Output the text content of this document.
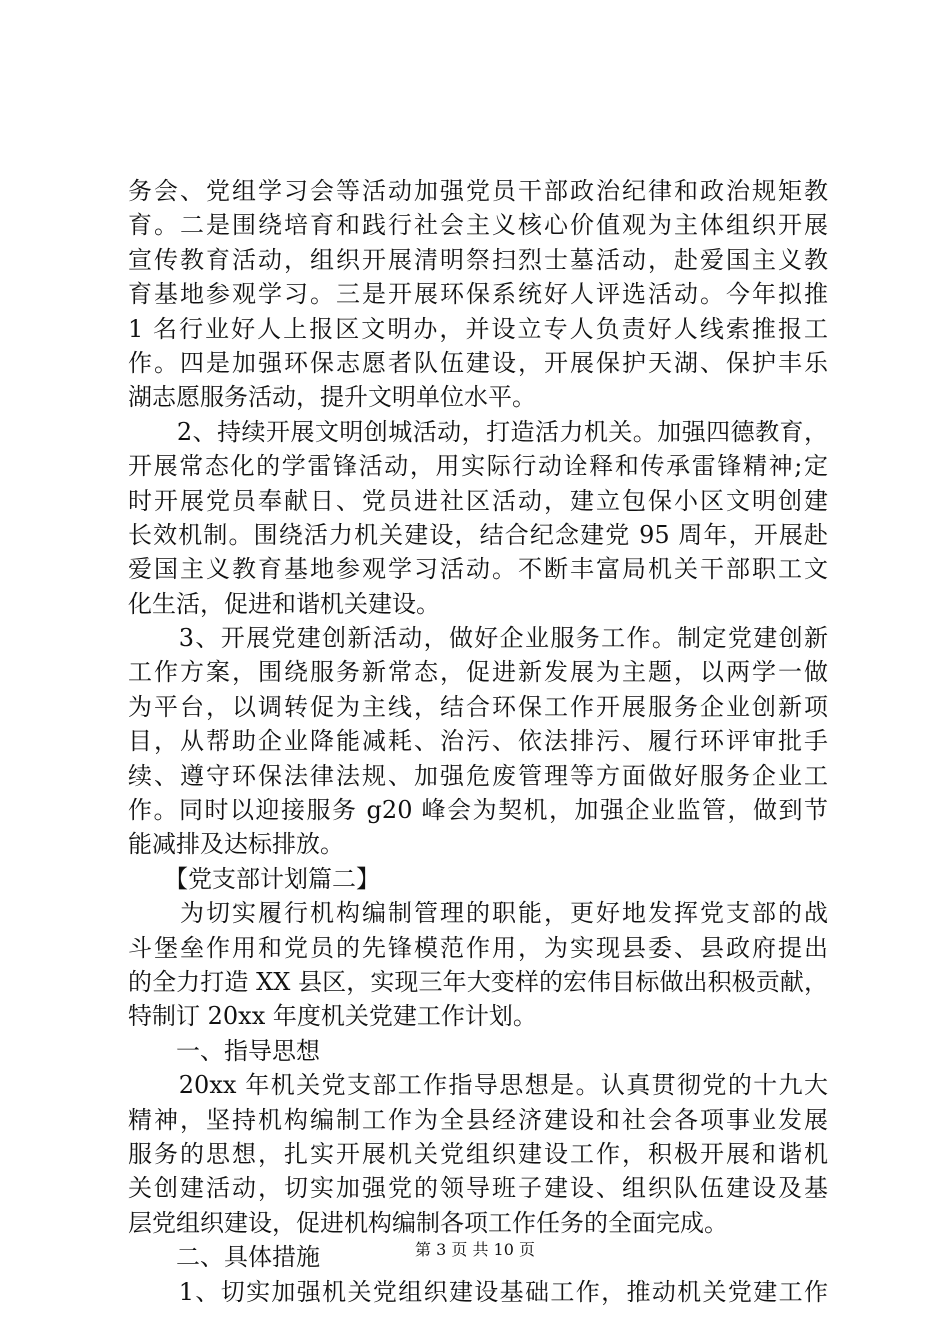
务会、党组学习会等活动加强党员干部政治纪律和政治规矩教
育。二是围绕培育和践行社会主义核心价值观为主体组织开展
宣传教育活动，组织开展清明祭扫烈士墓活动，赴爱国主义教
育基地参观学习。三是开展环保系统好人评选活动。今年拟推
1 名行业好人上报区文明办，并设立专人负责好人线索推报工
作。四是加强环保志愿者队伍建设，开展保护天湖、保护丰乐
湖志愿服务活动，提升文明单位水平。
　　2、持续开展文明创城活动，打造活力机关。加强四德教育，
开展常态化的学雷锋活动，用实际行动诠释和传承雷锋精神;定
时开展党员奉献日、党员进社区活动，建立包保小区文明创建
长效机制。围绕活力机关建设，结合纪念建党 95 周年，开展赴
爱国主义教育基地参观学习活动。不断丰富局机关干部职工文
化生活，促进和谐机关建设。
　　3、开展党建创新活动，做好企业服务工作。制定党建创新
工作方案，围绕服务新常态，促进新发展为主题，以两学一做
为平台，以调转促为主线，结合环保工作开展服务企业创新项
目，从帮助企业降能减耗、治污、依法排污、履行环评审批手
续、遵守环保法律法规、加强危废管理等方面做好服务企业工
作。同时以迎接服务 g20 峰会为契机，加强企业监管，做到节
能减排及达标排放。
　　【党支部计划篇二】
　　为切实履行机构编制管理的职能，更好地发挥党支部的战
斗堡垒作用和党员的先锋模范作用，为实现县委、县政府提出
的全力打造 XX 县区，实现三年大变样的宏伟目标做出积极贡献，
特制订 20xx 年度机关党建工作计划。
　　一、指导思想
　　20xx 年机关党支部工作指导思想是。认真贯彻党的十九大
精神，坚持机构编制工作为全县经济建设和社会各项事业发展
服务的思想，扎实开展机关党组织建设工作，积极开展和谐机
关创建活动，切实加强党的领导班子建设、组织队伍建设及基
层党组织建设，促进机构编制各项工作任务的全面完成。
　　二、具体措施
　　1、切实加强机关党组织建设基础工作，推动机关党建工作
第 3 页 共 10 页
